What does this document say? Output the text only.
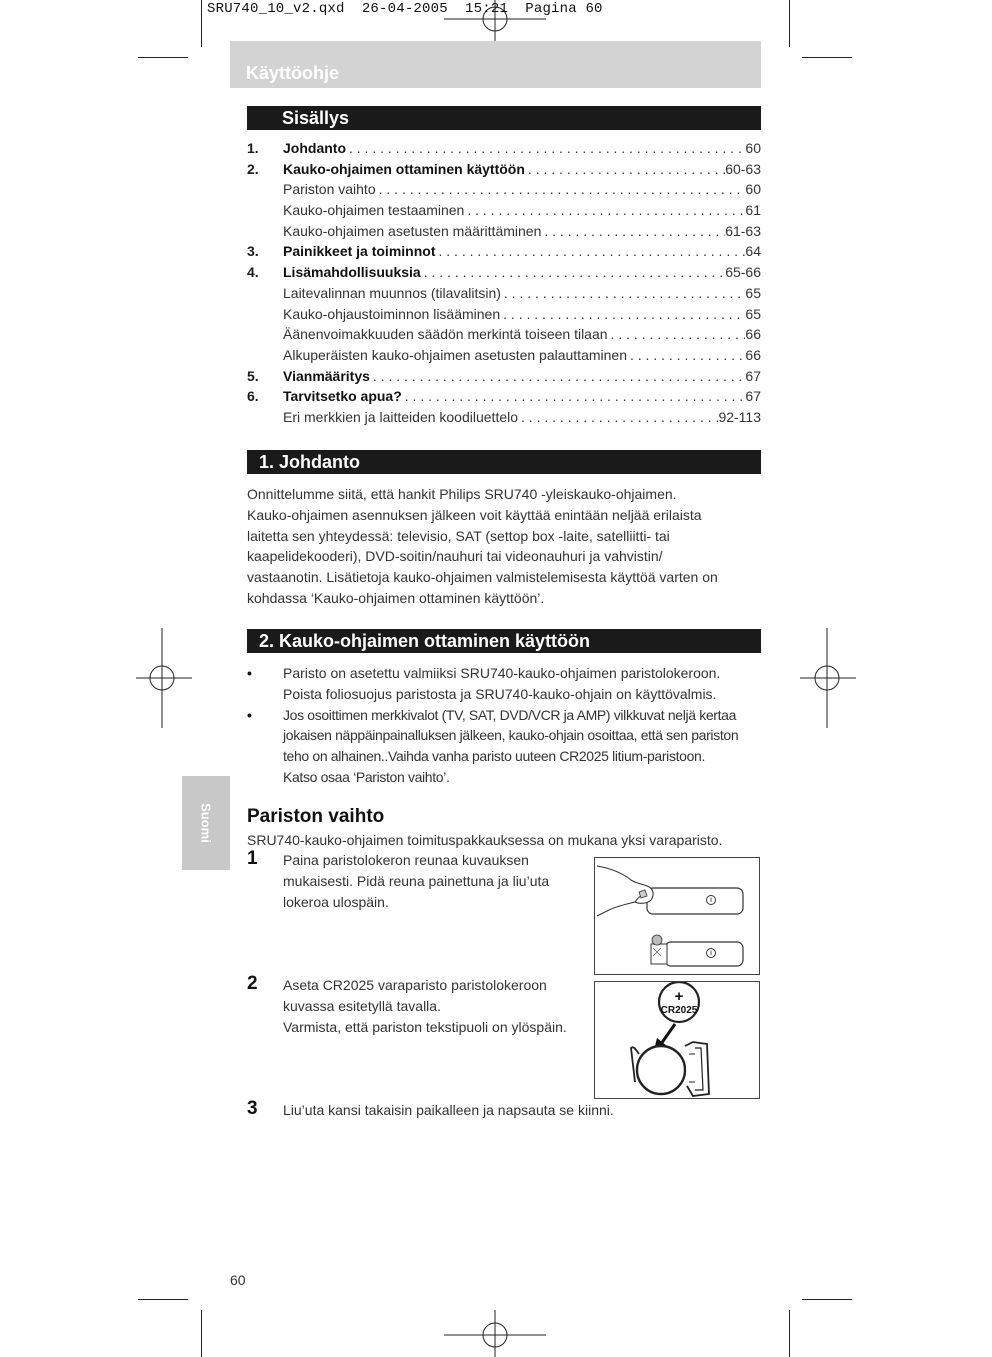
SRU740_10_v2.qxd  26-04-2005  15:21  Pagina 60
Käyttöohje
Suomi
Sisällys
1.	Johdanto . . .	60
2.	Kauko-ohjaimen ottaminen käyttöön . . .	60-63
Pariston vaihto . . .	60
Kauko-ohjaimen testaaminen . . .	61
Kauko-ohjaimen asetusten määrittäminen . . .	61-63
3.	Painikkeet ja toiminnot . . .	64
4.	Lisämahdollisuuksia . . .	65-66
Laitevalinnan muunnos (tilavalitsin) . . .	65
Kauko-ohjaustoiminnon lisääminen . . .	65
Äänenvoimakkuuden säädön merkintä toiseen tilaan . . .	66
Alkuperäisten kauko-ohjaimen asetusten palauttaminen . . .	66
5.	Vianmääritys . . .	67
6.	Tarvitsetko apua? . . .	67
Eri merkkien ja laitteiden koodiluettelo . . .	92-113
1. Johdanto

Onnittelumme siitä, että hankit Philips SRU740 -yleiskauko-ohjaimen.

Kauko-ohjaimen asennuksen jälkeen voit käyttää enintään neljää erilaista

laitetta sen yhteydessä: televisio, SAT (settop box -laite, satelliitti- tai

kaapelidekooderi), DVD-soitin/nauhuri tai videonauhuri ja vahvistin/

vastaanotin. Lisätietoja kauko-ohjaimen valmistelemisesta käyttöä varten on

kohdassa ‘Kauko-ohjaimen ottaminen käyttöön’.

2. Kauko-ohjaimen ottaminen käyttöön
• Paristo on asetettu valmiiksi SRU740-kauko-ohjaimen paristolokeroon.
Poista foliosuojus paristosta ja SRU740-kauko-ohjain on käyttövalmis.
• Jos osoittimen merkkivalot (TV, SAT, DVD/VCR ja AMP) vilkkuvat neljä kertaa
jokaisen näppäinpainalluksen jälkeen, kauko-ohjain osoittaa, että sen pariston
teho on alhainen..Vaihda vanha paristo uuteen CR2025 litium-paristoon.
Katso osaa ‘Pariston vaihto’.
Pariston vaihto
SRU740-kauko-ohjaimen toimituspakkauksessa on mukana yksi varaparisto.
1 Paina paristolokeron reunaa kuvauksen
mukaisesti. Pidä reuna painettuna ja liu’uta
lokeroa ulospäin.
2 Aseta CR2025 varaparisto paristolokeroon
kuvassa esitetyllä tavalla.
Varmista, että pariston tekstipuoli on ylöspäin.
3 Liu’uta kansi takaisin paikalleen ja napsauta se kiinni.
+
CR2025
60
